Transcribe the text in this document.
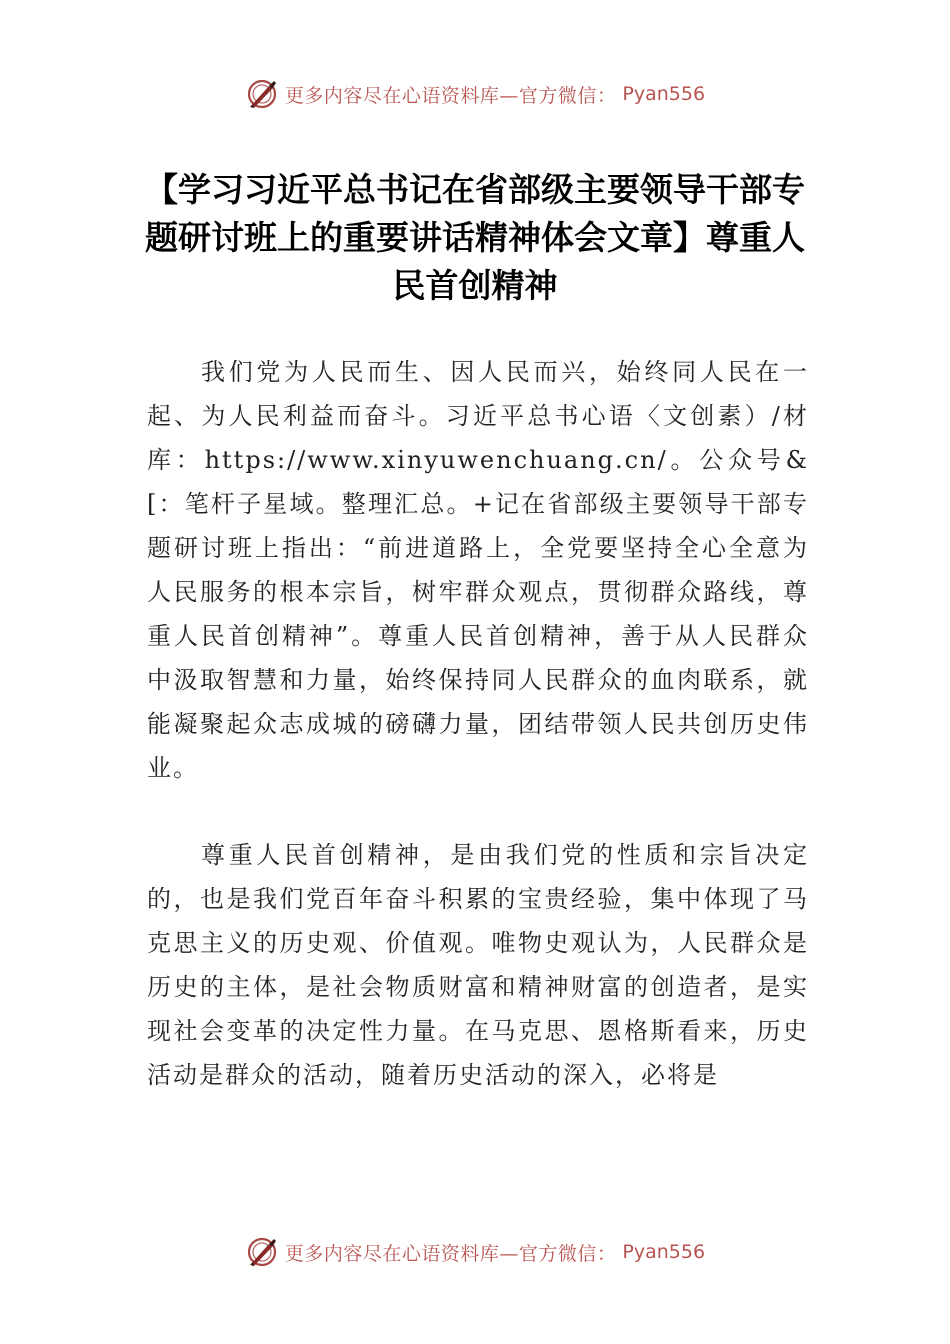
更多内容尽在心语资料库—官方微信： Pyan556
【学习习近平总书记在省部级主要领导干部专题研讨班上的重要讲话精神体会文章】尊重人民首创精神

我们党为人民而生、因人民而兴，始终同人民在一起、为人民利益而奋斗。习近平总书心语〈文创素）/材库：https://www.xinyuwenchuang.cn/。公众号&[：笔杆子星域。整理汇总。+记在省部级主要领导干部专题研讨班上指出：“前进道路上，全党要坚持全心全意为人民服务的根本宗旨，树牢群众观点，贯彻群众路线，尊重人民首创精神”。尊重人民首创精神，善于从人民群众中汲取智慧和力量，始终保持同人民群众的血肉联系，就能凝聚起众志成城的磅礴力量，团结带领人民共创历史伟业。

尊重人民首创精神，是由我们党的性质和宗旨决定的，也是我们党百年奋斗积累的宝贵经验，集中体现了马克思主义的历史观、价值观。唯物史观认为，人民群众是历史的主体，是社会物质财富和精神财富的创造者，是实现社会变革的决定性力量。在马克思、恩格斯看来，历史活动是群众的活动，随着历史活动的深入，必将是

更多内容尽在心语资料库—官方微信： Pyan556
